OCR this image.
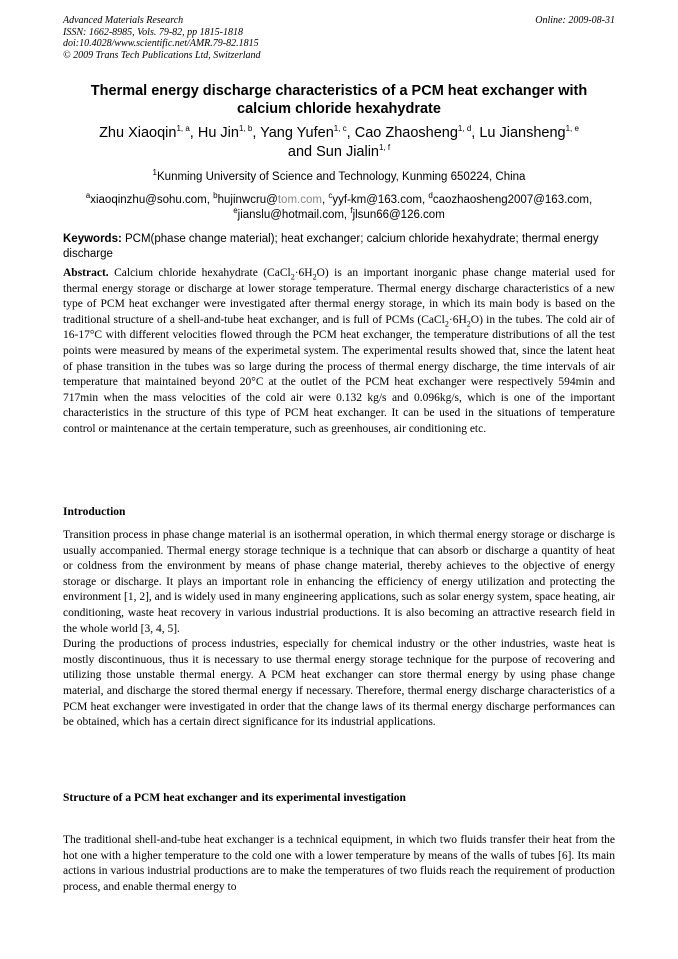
Advanced Materials Research
ISSN: 1662-8985, Vols. 79-82, pp 1815-1818
doi:10.4028/www.scientific.net/AMR.79-82.1815
© 2009 Trans Tech Publications Ltd, Switzerland
Online: 2009-08-31
Thermal energy discharge characteristics of a PCM heat exchanger with
calcium chloride hexahydrate
Zhu Xiaoqin$^{1, a}$, Hu Jin$^{1, b}$, Yang Yufen$^{1, c}$, Cao Zhaosheng$^{1, d}$, Lu Jiansheng$^{1, e}$
and Sun Jialin$^{1, f}$
$^1$Kunming University of Science and Technology, Kunming 650224, China
$^a$xiaoqinzhu@sohu.com, $^b$hujinwcru@tom.com, $^c$yyf-km@163.com, $^d$caozhaosheng2007@163.com,
$^e$jianslu@hotmail.com, $^f$jlsun66@126.com
Keywords: PCM(phase change material); heat exchanger; calcium chloride hexahydrate; thermal energy discharge
Abstract. Calcium chloride hexahydrate $(CaCl_2\cdot 6H_2O)$ is an important inorganic phase change material used for thermal energy storage or discharge at lower storage temperature. Thermal energy discharge characteristics of a new type of PCM heat exchanger were investigated after thermal energy storage, in which its main body is based on the traditional structure of a shell-and-tube heat exchanger, and is full of PCMs $(CaCl_2\cdot 6H_2O)$ in the tubes. The cold air of 16-17°C with different velocities flowed through the PCM heat exchanger, the temperature distributions of all the test points were measured by means of the experimetal system. The experimental results showed that, since the latent heat of phase transition in the tubes was so large during the process of thermal energy discharge, the time intervals of air temperature that maintained beyond 20°C at the outlet of the PCM heat exchanger were respectively 594min and 717min when the mass velocities of the cold air were 0.132 kg/s and 0.096kg/s, which is one of the important characteristics in the structure of this type of PCM heat exchanger. It can be used in the situations of temperature control or maintenance at the certain temperature, such as greenhouses, air conditioning etc.
Introduction

Transition process in phase change material is an isothermal operation, in which thermal energy storage or discharge is usually accompanied. Thermal energy storage technique is a technique that can absorb or discharge a quantity of heat or coldness from the environment by means of phase change material, thereby achieves to the objective of energy storage or discharge. It plays an important role in enhancing the efficiency of energy utilization and protecting the environment [1, 2], and is widely used in many engineering applications, such as solar energy system, space heating, air conditioning, waste heat recovery in various industrial productions. It is also becoming an attractive research field in the whole world [3, 4, 5].

During the productions of process industries, especially for chemical industry or the other industries, waste heat is mostly discontinuous, thus it is necessary to use thermal energy storage technique for the purpose of recovering and utilizing those unstable thermal energy. A PCM heat exchanger can store thermal energy by using phase change material, and discharge the stored thermal energy if necessary. Therefore, thermal energy discharge characteristics of a PCM heat exchanger were investigated in order that the change laws of its thermal energy discharge performances can be obtained, which has a certain direct significance for its industrial applications.

Structure of a PCM heat exchanger and its experimental investigation

The traditional shell-and-tube heat exchanger is a technical equipment, in which two fluids transfer their heat from the hot one with a higher temperature to the cold one with a lower temperature by means of the walls of tubes [6]. Its main actions in various industrial productions are to make the temperatures of two fluids reach the requirement of production process, and enable thermal energy to
